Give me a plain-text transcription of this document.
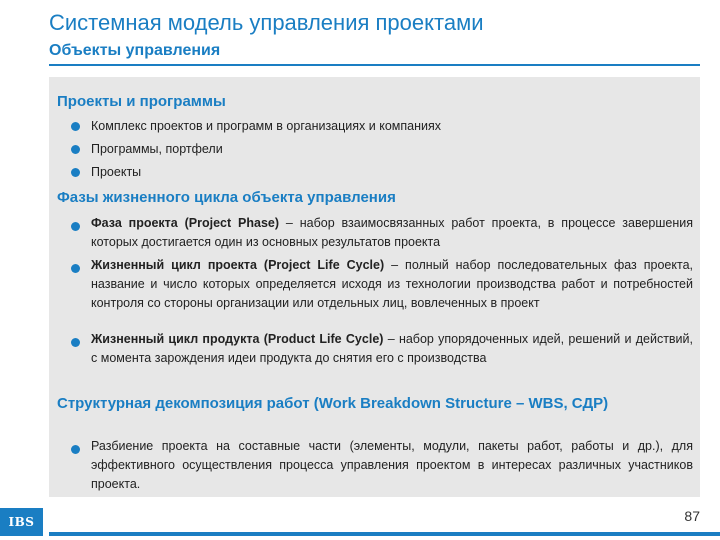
Системная модель управления проектами
Объекты управления
Проекты и программы
Комплекс проектов и программ в организациях и компаниях
Программы, портфели
Проекты
Фазы жизненного цикла объекта управления
Фаза проекта (Project Phase) – набор взаимосвязанных работ проекта, в процессе завершения которых достигается один из основных результатов проекта
Жизненный цикл проекта (Project Life Cycle) – полный набор последовательных фаз проекта, название и число которых определяется исходя из технологии производства работ и потребностей контроля со стороны организации или отдельных лиц, вовлеченных в проект
Жизненный цикл продукта (Product Life Cycle) – набор упорядоченных идей, решений и действий, с момента зарождения идеи продукта до снятия его с производства
Структурная декомпозиция работ (Work Breakdown Structure – WBS, СДР)
Разбиение проекта на составные части (элементы, модули, пакеты работ, работы и др.), для эффективного осуществления процесса управления проектом в интересах различных участников проекта.
IBS	87
